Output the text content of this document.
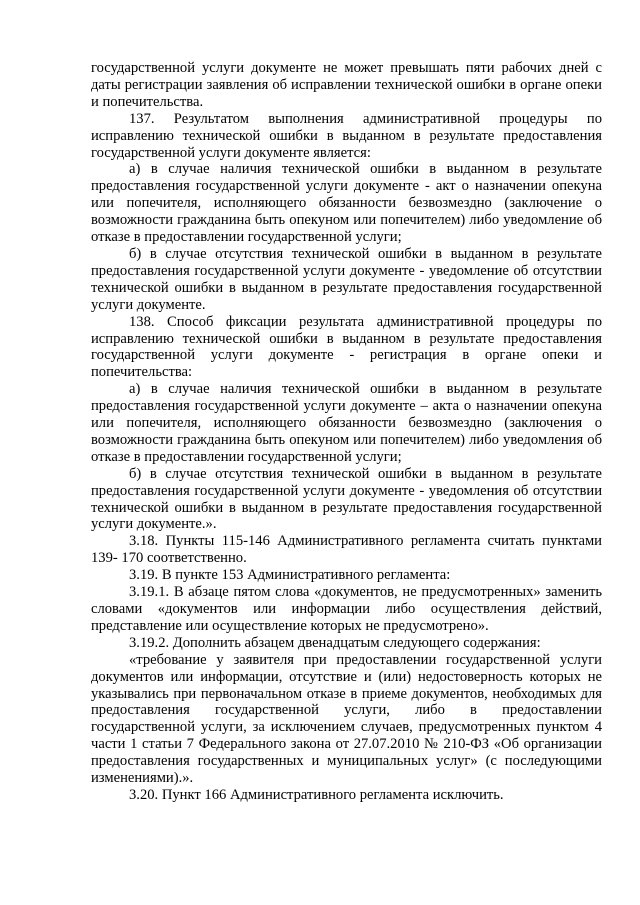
государственной услуги документе не может превышать пяти рабочих дней с даты регистрации заявления об исправлении технической ошибки в органе опеки и попечительства.

137. Результатом выполнения административной процедуры по исправлению технической ошибки в выданном в результате предоставления государственной услуги документе является:

а) в случае наличия технической ошибки в выданном в результате предоставления государственной услуги документе - акт о назначении опекуна или попечителя, исполняющего обязанности безвозмездно (заключение о возможности гражданина быть опекуном или попечителем) либо уведомление об отказе в предоставлении государственной услуги;

б) в случае отсутствия технической ошибки в выданном в результате предоставления государственной услуги документе - уведомление об отсутствии технической ошибки в выданном в результате предоставления государственной услуги документе.

138. Способ фиксации результата административной процедуры по исправлению технической ошибки в выданном в результате предоставления государственной услуги документе - регистрация в органе опеки и попечительства:

а) в случае наличия технической ошибки в выданном в результате предоставления государственной услуги документе – акта о назначении опекуна или попечителя, исполняющего обязанности безвозмездно (заключения о возможности гражданина быть опекуном или попечителем) либо уведомления об отказе в предоставлении государственной услуги;

б) в случае отсутствия технической ошибки в выданном в результате предоставления государственной услуги документе - уведомления об отсутствии технической ошибки в выданном в результате предоставления государственной услуги документе.».

3.18. Пункты 115-146 Административного регламента считать пунктами 139- 170 соответственно.

3.19. В пункте 153 Административного регламента:

3.19.1. В абзаце пятом слова «документов, не предусмотренных» заменить словами «документов или информации либо осуществления действий, представление или осуществление которых не предусмотрено».

3.19.2. Дополнить абзацем двенадцатым следующего содержания:

«требование у заявителя при предоставлении государственной услуги документов или информации, отсутствие и (или) недостоверность которых не указывались при первоначальном отказе в приеме документов, необходимых для предоставления государственной услуги, либо в предоставлении государственной услуги, за исключением случаев, предусмотренных пунктом 4 части 1 статьи 7 Федерального закона от 27.07.2010 № 210-ФЗ «Об организации предоставления государственных и муниципальных услуг» (с последующими изменениями).».

3.20. Пункт 166 Административного регламента исключить.
